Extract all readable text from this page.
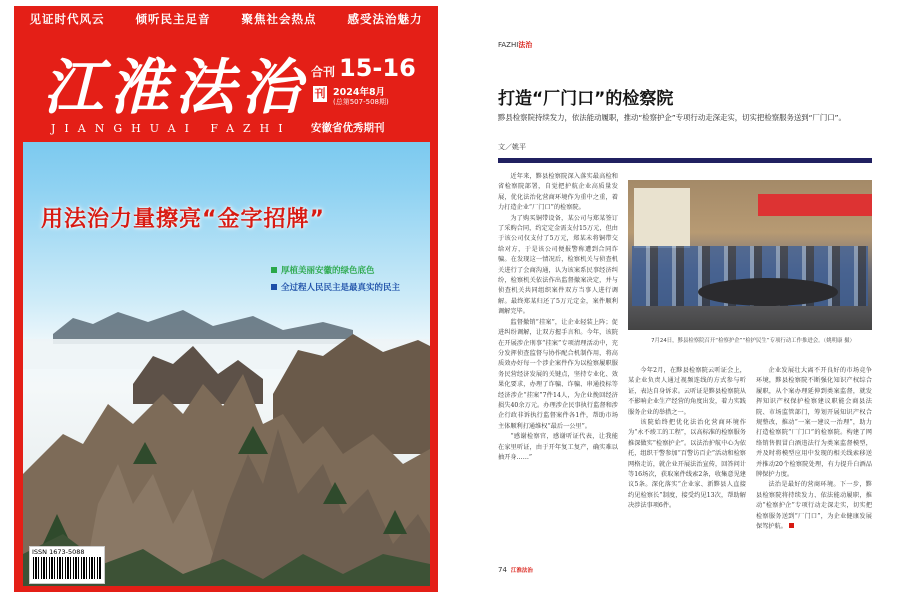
见证时代风云	倾听民主足音	聚焦社会热点	感受法治魅力
江淮法治
JIANGHUAI FAZHI
合刊 15-16
刊 2024年8月
(总第507-508期)
安徽省优秀期刊
用法治力量擦亮“金字招牌”
厚植美丽安徽的绿色底色
全过程人民民主是最真实的民主
ISSN 1673-5088
FAZHI法治
打造“厂门口”的检察院
黟县检察院持续发力，依法能动履职，推动“检察护企”专项行动走深走实，切实把检察服务送到“厂门口”。
文／姚平

近年来，黟县检察院深入落实最高检和省检察院部署，自觉把护航企业高质量发展，优化法治化营商环境作为重中之重，着力打造企业“厂门口”的检察院。

为了购买铜带设备，某公司与郑某签订了采购合同，约定定金需支付15万元，但由于该公司仅支付了5万元，郑某未将铜带交给对方，于是该公司便报警称遭到合同诈骗。在发现这一情况后，检察机关与侦查机关进行了会商沟通，认为该案系民事经济纠纷，检察机关依法作出监督撤案决定，并与侦查机关共同组织案件双方当事人进行调解。最终郑某归还了5万元定金，案件顺利调解完毕。

监督撤销“挂案”，让企业轻装上阵；促进纠纷调解，让双方握手言和。今年，该院在开展涉企刑事“挂案”专项清理活动中，充分发挥侦查监督与协作配合机制作用，将高质效办好每一个涉企案件作为以检察履职服务民营经济发展的关键点，坚持专业化、效果化要求，办理了诈骗、诈骗、串通投标等经济涉企“挂案”7件14人，为企业挽回经济损失40余万元。办理涉企民事执行监督和涉企行政非诉执行监督案件各1件，帮助市场主体顺利打通维权“最后一公里”。

“感谢检察官，感谢听证代表，让我能在家里听证，由于开年复工复产，确实难以抽开身……”

7月24日，黟县检察院召开“检察护企”“检护民生”专项行动工作推进会。（姚明康 摄）

今年2月，在黟县检察院云听证会上，某企业负责人通过视频连线的方式参与听证，表达自身诉求。云听证是黟县检察院从不影响企业生产经营的角度出发，着力实践服务企业的举措之一。

该院始终把优化法治化营商环境作为“永不竣工的工程”，以高标准的检察服务推深做实“检察护企”。以法治护航中心为依托，组织干警参加“百警访百企”活动和检察网格走访，就企业开展法治宣传，回答问计等16场次，获取案件线索2条，收集意见建议5条。深化落实“企业家、新黟县人直接约见检察长”制度，接受约见13次，帮助解决涉法事项6件。

企业发展壮大离不开良好的市场竞争环境，黟县检察院不断强化知识产权综合履职，从个案办理延伸到类案监督，就发挥知识产权保护检察建议职能会商县法院、市场监管部门，筹划开展知识产权合规整改，推动“一案一建议一治理”，助力打造检察院“厂门口”的检察院。构建了网络销售假冒白酒违法行为类案监督模型，并及时将模型应用中发现的相关线索移送并推动20个检察院处理，有力提升白酒品牌保护力度。

法治是最好的营商环境。下一步，黟县检察院将持续发力、依法能动履职，推动“检察护企”专项行动走深走实，切实把检察服务送到“厂门口”，为企业健康发展保驾护航。

74 江淮法治
